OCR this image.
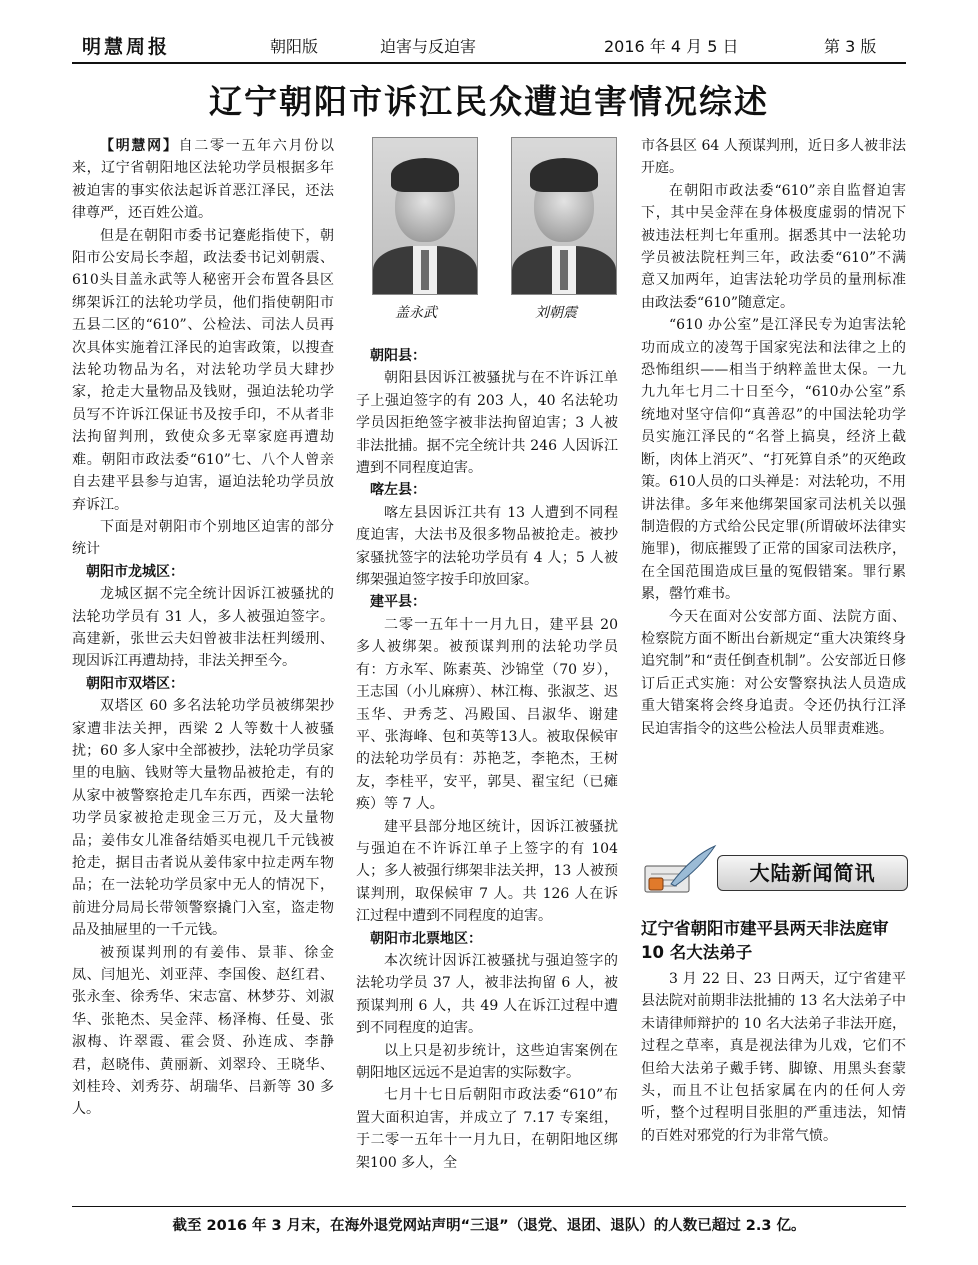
明慧周报	朝阳版	迫害与反迫害	2016 年 4 月 5 日	第 3 版
辽宁朝阳市诉江民众遭迫害情况综述

【明慧网】自二零一五年六月份以来，辽宁省朝阳地区法轮功学员根据多年被迫害的事实依法起诉首恶江泽民，还法律尊严，还百姓公道。

但是在朝阳市委书记蹇彪指使下，朝阳市公安局长李超，政法委书记刘朝震、610头目盖永武等人秘密开会布置各县区绑架诉江的法轮功学员，他们指使朝阳市五县二区的“610”、公检法、司法人员再次具体实施着江泽民的迫害政策，以搜查法轮功物品为名，对法轮功学员大肆抄家，抢走大量物品及钱财，强迫法轮功学员写不许诉江保证书及按手印，不从者非法拘留判刑，致使众多无辜家庭再遭劫难。朝阳市政法委“610”七、八个人曾亲自去建平县参与迫害，逼迫法轮功学员放弃诉江。

下面是对朝阳市个别地区迫害的部分统计

朝阳市龙城区：

龙城区据不完全统计因诉江被骚扰的法轮功学员有 31 人，多人被强迫签字。高建新，张世云夫妇曾被非法枉判缓刑、现因诉江再遭劫持，非法关押至今。

朝阳市双塔区：

双塔区 60 多名法轮功学员被绑架抄家遭非法关押，西梁 2 人等数十人被骚扰；60 多人家中全部被抄，法轮功学员家里的电脑、钱财等大量物品被抢走，有的从家中被警察抢走几车东西，西梁一法轮功学员家被抢走现金三万元，及大量物品；姜伟女儿准备结婚买电视几千元钱被抢走，据目击者说从姜伟家中拉走两车物品；在一法轮功学员家中无人的情况下，前进分局局长带领警察撬门入室，盗走物品及抽屉里的一千元钱。

被预谋判刑的有姜伟、景菲、徐金凤、闫旭光、刘亚萍、李国俊、赵红君、张永奎、徐秀华、宋志富、林梦芬、刘淑华、张艳杰、吴金萍、杨泽梅、任曼、张淑梅、许翠霞、霍会贤、孙连成、李静君，赵晓伟、黄丽新、刘翠玲、王晓华、刘桂玲、刘秀芬、胡瑞华、吕新等 30 多人。

盖永武	刘朝震

朝阳县：

朝阳县因诉江被骚扰与在不许诉江单子上强迫签字的有 203 人，40 名法轮功学员因拒绝签字被非法拘留迫害；3 人被非法批捕。据不完全统计共 246 人因诉江遭到不同程度迫害。

喀左县：

喀左县因诉江共有 13 人遭到不同程度迫害，大法书及很多物品被抢走。被抄家骚扰签字的法轮功学员有 4 人；5 人被绑架强迫签字按手印放回家。

建平县：

二零一五年十一月九日，建平县 20 多人被绑架。被预谋判刑的法轮功学员有：方永军、陈素英、沙锦堂（70 岁），王志国（小儿麻痹）、林江梅、张淑芝、迟玉华、尹秀芝、冯殿国、吕淑华、谢建平、张海峰、包和英等13人。被取保候审的法轮功学员有：苏艳芝，李艳杰，王树友，李桂平，安平，郭昊、翟宝纪（已瘫痪）等 7 人。

建平县部分地区统计，因诉江被骚扰与强迫在不许诉江单子上签字的有 104 人；多人被强行绑架非法关押，13 人被预谋判刑，取保候审 7 人。共 126 人在诉江过程中遭到不同程度的迫害。

朝阳市北票地区：

本次统计因诉江被骚扰与强迫签字的法轮功学员 37 人，被非法拘留 6 人，被预谋判刑 6 人，共 49 人在诉江过程中遭到不同程度的迫害。

以上只是初步统计，这些迫害案例在朝阳地区远远不是迫害的实际数字。

七月十七日后朝阳市政法委“610”布置大面积迫害，并成立了 7.17 专案组，于二零一五年十一月九日，在朝阳地区绑架100 多人，全

市各县区 64 人预谋判刑，近日多人被非法开庭。

在朝阳市政法委“610”亲自监督迫害下，其中吴金萍在身体极度虚弱的情况下被违法枉判七年重刑。据悉其中一法轮功学员被法院枉判三年，政法委“610”不满意又加两年，迫害法轮功学员的量刑标准由政法委“610”随意定。

“610 办公室”是江泽民专为迫害法轮功而成立的凌驾于国家宪法和法律之上的恐怖组织——相当于纳粹盖世太保。一九九九年七月二十日至今，“610办公室”系统地对坚守信仰“真善忍”的中国法轮功学员实施江泽民的“名誉上搞臭，经济上截断，肉体上消灭”、“打死算自杀”的灭绝政策。610人员的口头禅是：对法轮功，不用讲法律。多年来他绑架国家司法机关以强制造假的方式给公民定罪(所谓破坏法律实施罪)，彻底摧毁了正常的国家司法秩序，在全国范围造成巨量的冤假错案。罪行累累，罄竹难书。

今天在面对公安部方面、法院方面、检察院方面不断出台新规定“重大决策终身追究制”和“责任倒查机制”。公安部近日修订后正式实施：对公安警察执法人员造成重大错案将会终身追责。令还仍执行江泽民迫害指令的这些公检法人员罪责难逃。

大陆新闻简讯
辽宁省朝阳市建平县两天非法庭审 10 名大法弟子

3 月 22 日、23 日两天，辽宁省建平县法院对前期非法批捕的 13 名大法弟子中未请律师辩护的 10 名大法弟子非法开庭，过程之草率，真是视法律为儿戏，它们不但给大法弟子戴手铐、脚镣、用黑头套蒙头，而且不让包括家属在内的任何人旁听，整个过程明目张胆的严重违法，知情的百姓对邪党的行为非常气愤。

截至 2016 年 3 月末，在海外退党网站声明“三退”（退党、退团、退队）的人数已超过 2.3 亿。
